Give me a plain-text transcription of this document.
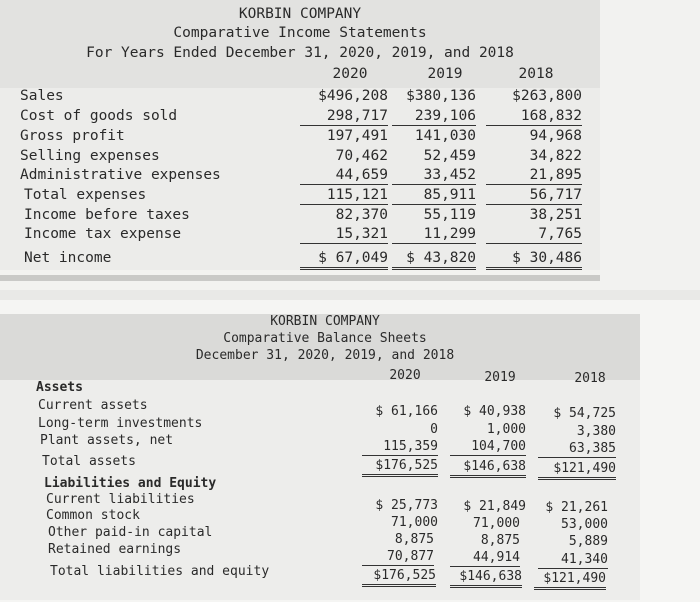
KORBIN COMPANY
Comparative Income Statements
For Years Ended December 31, 2020, 2019, and 2018
2020	2019	2018
Sales	$496,208	$380,136	$263,800
Cost of goods sold	298,717	239,106	168,832
Gross profit	197,491	141,030	94,968
Selling expenses	70,462	52,459	34,822
Administrative expenses	44,659	33,452	21,895
Total expenses	115,121	85,911	56,717
Income before taxes	82,370	55,119	38,251
Income tax expense	15,321	11,299	7,765
Net income	$ 67,049	$ 43,820	$ 30,486
KORBIN COMPANY
Comparative Balance Sheets
December 31, 2020, 2019, and 2018
2020	2019	2018
Assets
Current assets	$ 61,166	$ 40,938	$ 54,725
Long-term investments	0	1,000	3,380
Plant assets, net	115,359	104,700	63,385
Total assets	$176,525	$146,638	$121,490
Liabilities and Equity
Current liabilities	$ 25,773	$ 21,849	$ 21,261
Common stock	71,000	71,000	53,000
Other paid-in capital	8,875	8,875	5,889
Retained earnings	70,877	44,914	41,340
Total liabilities and equity	$176,525	$146,638	$121,490
